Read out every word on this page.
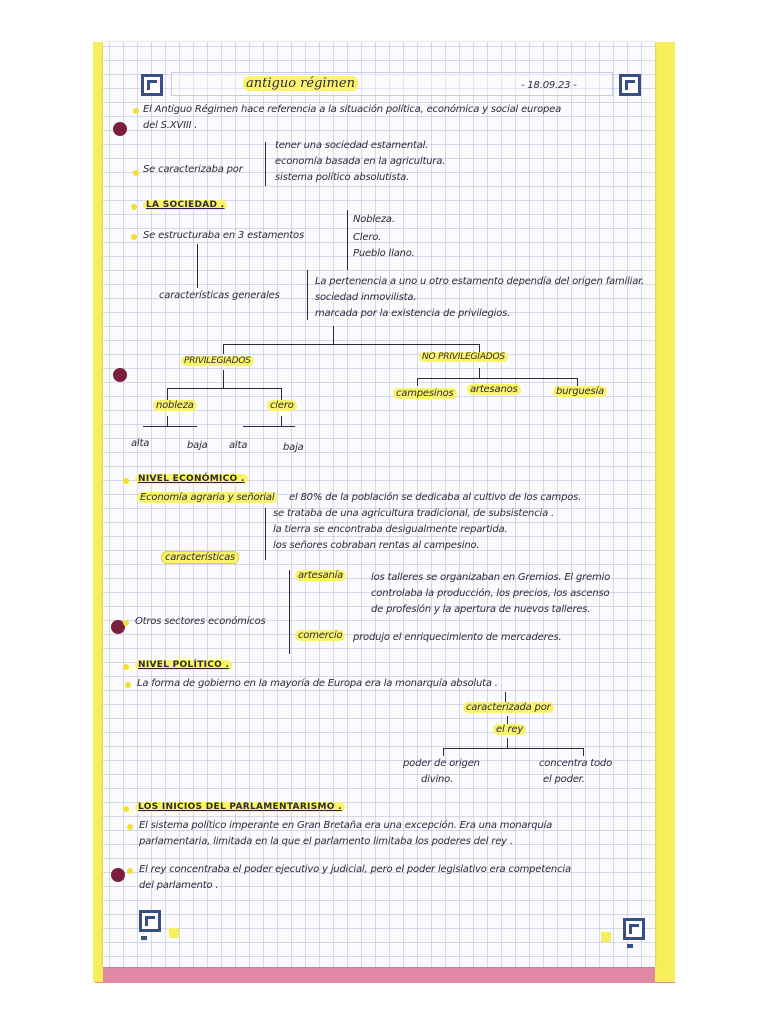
antiguo régimen	- 18.09.23 -
El Antiguo Régimen hace referencia a la situación política, económica y social europea
del S.XVIII .
Se caracterizaba por
tener una sociedad estamental.
economía basada en la agricultura.
sistema político absolutista.
LA SOCIEDAD .
Se estructuraba en 3 estamentos
Nobleza.
Clero.
Pueblo llano.
características generales
La pertenencia a uno u otro estamento dependía del origen familiar.
sociedad inmovilista.
marcada por la existencia de privilegios.
PRIVILEGIADOS	NO PRIVILEGIADOS
nobleza	clero
alta	baja alta	baja
campesinos	artesanos	burguesía
NIVEL ECONÓMICO .
Economía agraria y señorial	el 80% de la población se dedicaba al cultivo de los campos.
se trataba de una agricultura tradicional, de subsistencia .
la tierra se encontraba desigualmente repartida.
los señores cobraban rentas al campesino.
características
Otros sectores económicos
artesanía	los talleres se organizaban en Gremios. El gremio
controlaba la producción, los precios, los ascenso
de profesión y la apertura de nuevos talleres.
comercio	produjo el enriquecimiento de mercaderes.
NIVEL POLÍTICO .
La forma de gobierno en la mayoría de Europa era la monarquía absoluta .
caracterizada por
el rey
poder de origen
divino.
concentra todo
el poder.
LOS INICIOS DEL PARLAMENTARISMO .
El sistema político imperante en Gran Bretaña era una excepción. Era una monarquía
parlamentaria, limitada en la que el parlamento limitaba los poderes del rey .
El rey concentraba el poder ejecutivo y judicial, pero el poder legislativo era competencia
del parlamento .
